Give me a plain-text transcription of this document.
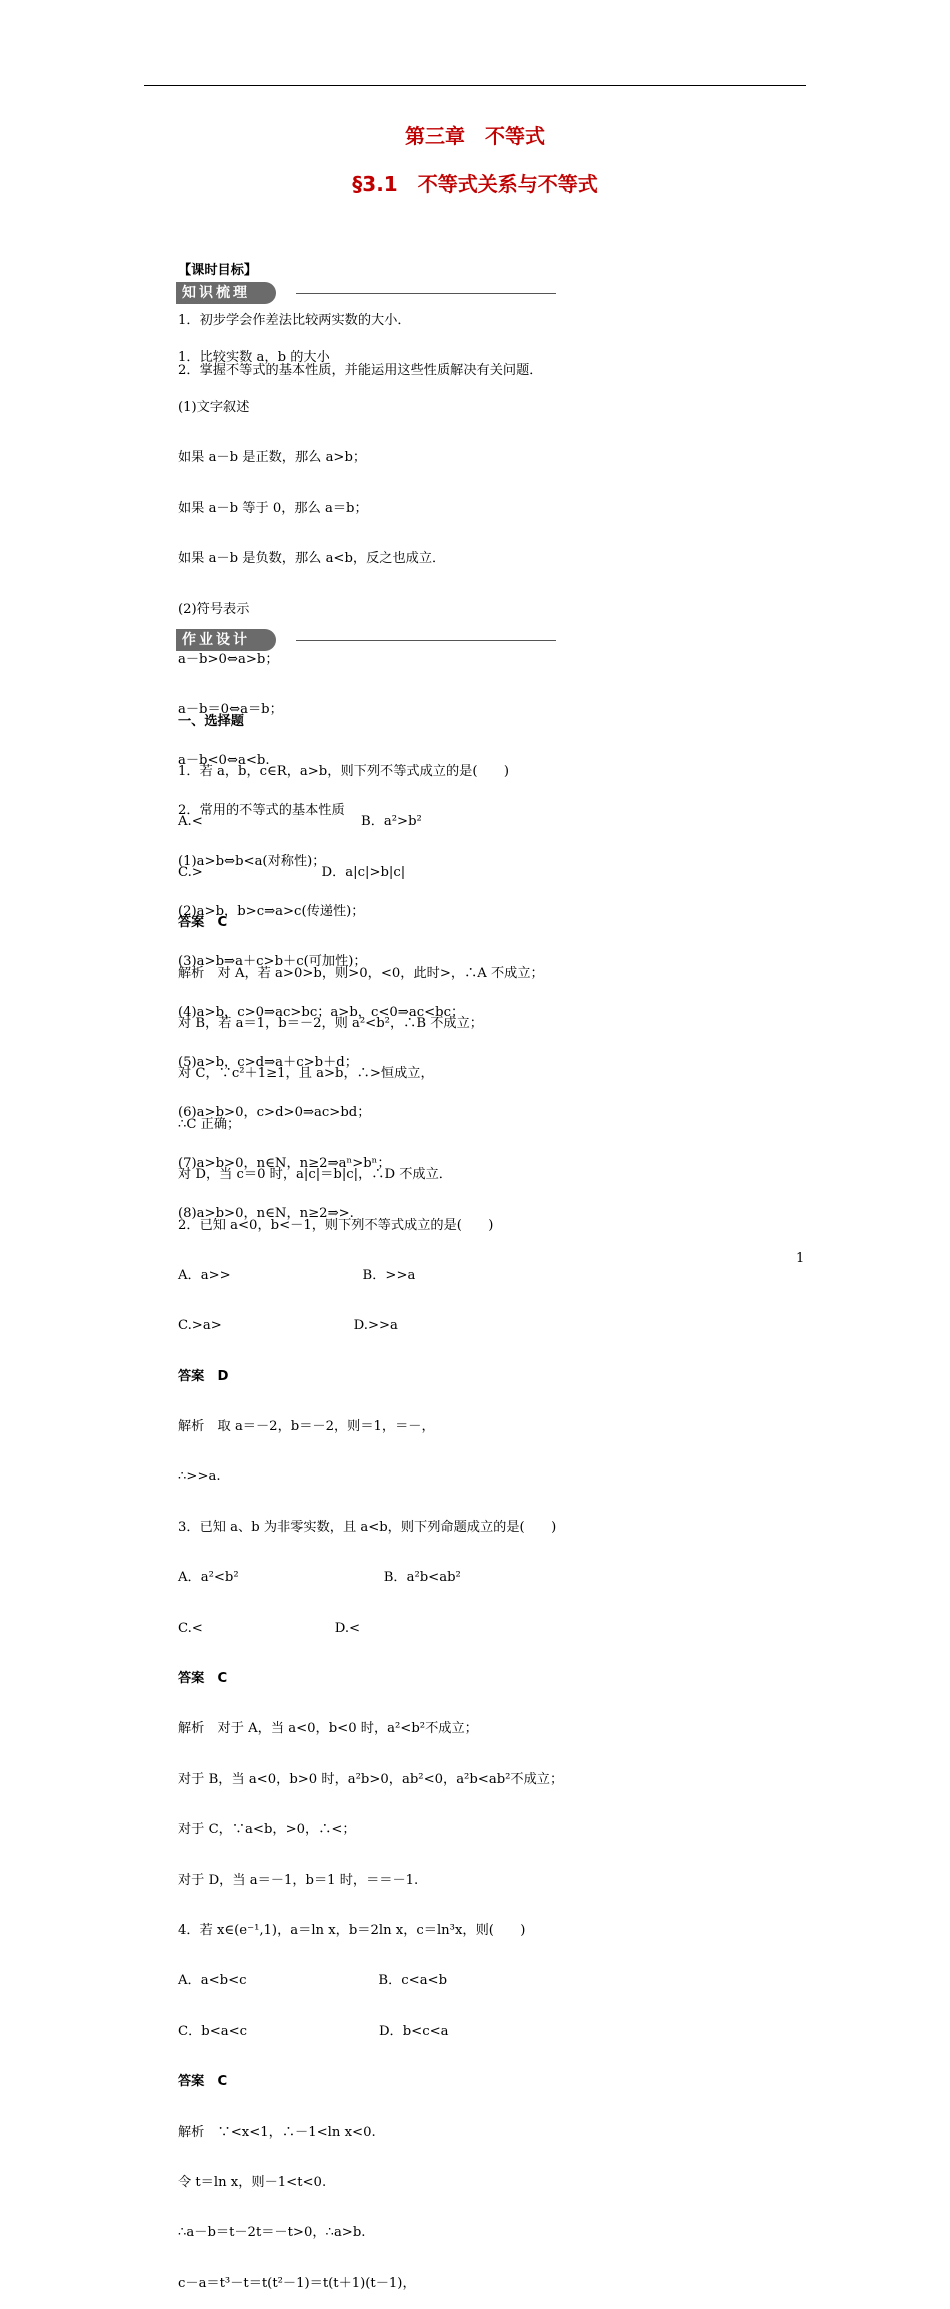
第三章　不等式
§3.1　不等式关系与不等式

【课时目标】

1．初步学会作差法比较两实数的大小．

2．掌握不等式的基本性质，并能运用这些性质解决有关问题．

知识梳理

1．比较实数 a，b 的大小

(1)文字叙述

如果 a－b 是正数，那么 a>b；

如果 a－b 等于 0，那么 a＝b；

如果 a－b 是负数，那么 a<b，反之也成立．

(2)符号表示

a－b>0⇔a>b；

a－b＝0⇔a＝b；

a－b<0⇔a<b.

2．常用的不等式的基本性质

(1)a>b⇔b<a(对称性)；

(2)a>b，b>c⇒a>c(传递性)；

(3)a>b⇒a＋c>b＋c(可加性)；

(4)a>b，c>0⇒ac>bc；a>b，c<0⇒ac<bc；

(5)a>b，c>d⇒a＋c>b＋d；

(6)a>b>0，c>d>0⇒ac>bd；

(7)a>b>0，n∈N，n≥2⇒aⁿ>bⁿ；

(8)a>b>0，n∈N，n≥2⇒>.

作业设计

一、选择题

1．若 a，b，c∈R，a>b，则下列不等式成立的是(　　)

A.<　　　　　　　　　　　　B．a²>b²

C.>　　　　　　　　　D．a|c|>b|c|

答案　C

解析　对 A，若 a>0>b，则>0，<0，此时>，∴A 不成立；

对 B，若 a＝1，b＝－2，则 a²<b²，∴B 不成立；

对 C，∵c²＋1≥1，且 a>b，∴>恒成立，

∴C 正确；

对 D，当 c＝0 时，a|c|＝b|c|，∴D 不成立．

2．已知 a<0，b<－1，则下列不等式成立的是(　　)

A．a>>　　　　　　　　　　B．>>a

C.>a>　　　　　　　　　　D.>>a

答案　D

解析　取 a＝－2，b＝－2，则＝1，＝－，

∴>>a.

3．已知 a、b 为非零实数，且 a<b，则下列命题成立的是(　　)

A．a²<b²　　　　　　　　　　　B．a²b<ab²

C.<　　　　　　　　　　D.<

答案　C

解析　对于 A，当 a<0，b<0 时，a²<b²不成立；

对于 B，当 a<0，b>0 时，a²b>0，ab²<0，a²b<ab²不成立；

对于 C，∵a<b，>0，∴<；

对于 D，当 a＝－1，b＝1 时，＝＝－1.

4．若 x∈(e⁻¹,1)，a＝ln x，b＝2ln x，c＝ln³x，则(　　)

A．a<b<c　　　　　　　　　　B．c<a<b

C．b<a<c　　　　　　　　　　D．b<c<a

答案　C

解析　∵<x<1，∴－1<ln x<0.

令 t＝ln x，则－1<t<0.

∴a－b＝t－2t＝－t>0，∴a>b.

c－a＝t³－t＝t(t²－1)＝t(t＋1)(t－1)，

1
